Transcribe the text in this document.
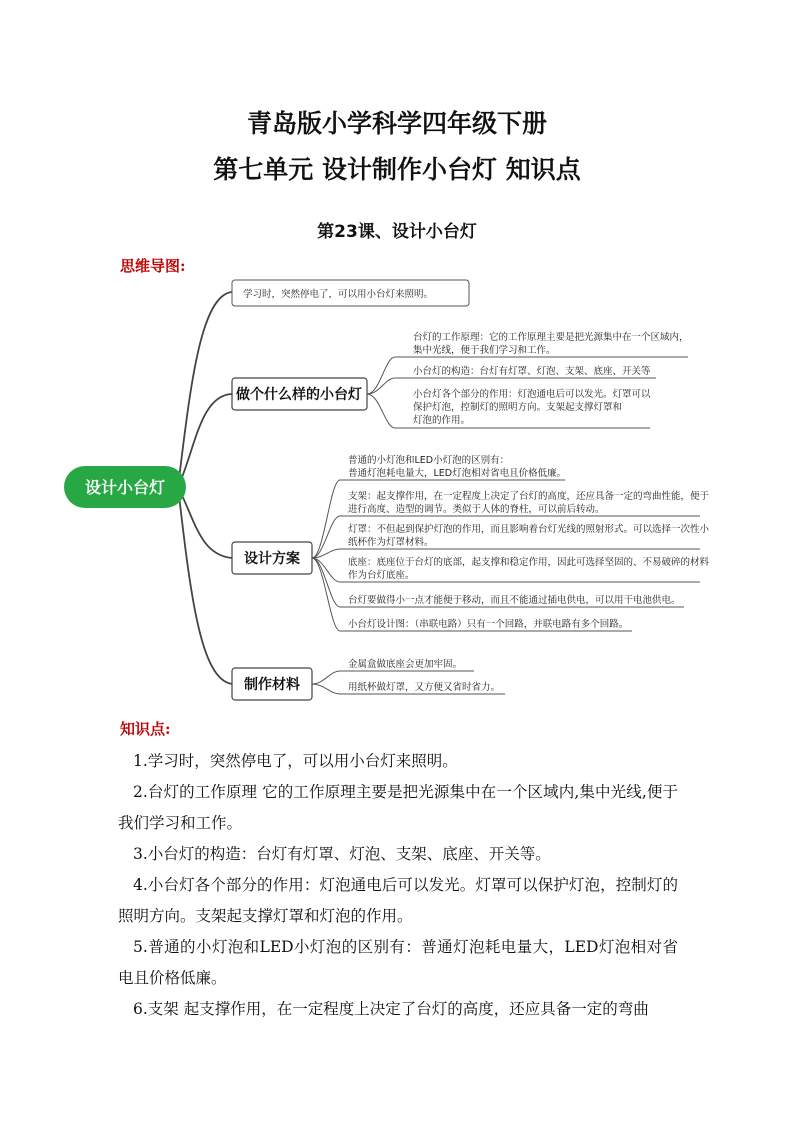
青岛版小学科学四年级下册
第七单元 设计制作小台灯 知识点
第23课、设计小台灯
思维导图:
设计小台灯
学习时，突然停电了，可以用小台灯来照明。
做个什么样的小台灯
设计方案
制作材料
台灯的工作原理：它的工作原理主要是把光源集中在一个区域内，
集中光线，便于我们学习和工作。
小台灯的构造：台灯有灯罩、灯泡、支架、底座、开关等
小台灯各个部分的作用：灯泡通电后可以发光。灯罩可以
保护灯泡，控制灯的照明方向。支架起支撑灯罩和
灯泡的作用。
普通的小灯泡和LED小灯泡的区别有：
普通灯泡耗电量大，LED灯泡相对省电且价格低廉。
支架：起支撑作用，在一定程度上决定了台灯的高度，还应具备一定的弯曲性能，便于
进行高度、造型的调节。类似于人体的脊柱，可以前后转动。
灯罩：不但起到保护灯泡的作用，而且影响着台灯光线的照射形式。可以选择一次性小
纸杯作为灯罩材料。
底座：底座位于台灯的底部，起支撑和稳定作用，因此可选择坚固的、不易破碎的材料
作为台灯底座。
台灯要做得小一点才能便于移动，而且不能通过插电供电，可以用干电池供电。
小台灯设计图：（串联电路）只有一个回路，并联电路有多个回路。
金属盒做底座会更加牢固。
用纸杯做灯罩，又方便又省时省力。
知识点:
1.学习时，突然停电了，可以用小台灯来照明。
2.台灯的工作原理 它的工作原理主要是把光源集中在一个区域内,集中光线,便于我们学习和工作。
3.小台灯的构造：台灯有灯罩、灯泡、支架、底座、开关等。
4.小台灯各个部分的作用：灯泡通电后可以发光。灯罩可以保护灯泡，控制灯的照明方向。支架起支撑灯罩和灯泡的作用。
5.普通的小灯泡和LED小灯泡的区别有：普通灯泡耗电量大，LED灯泡相对省电且价格低廉。
6.支架 起支撑作用，在一定程度上决定了台灯的高度，还应具备一定的弯曲
